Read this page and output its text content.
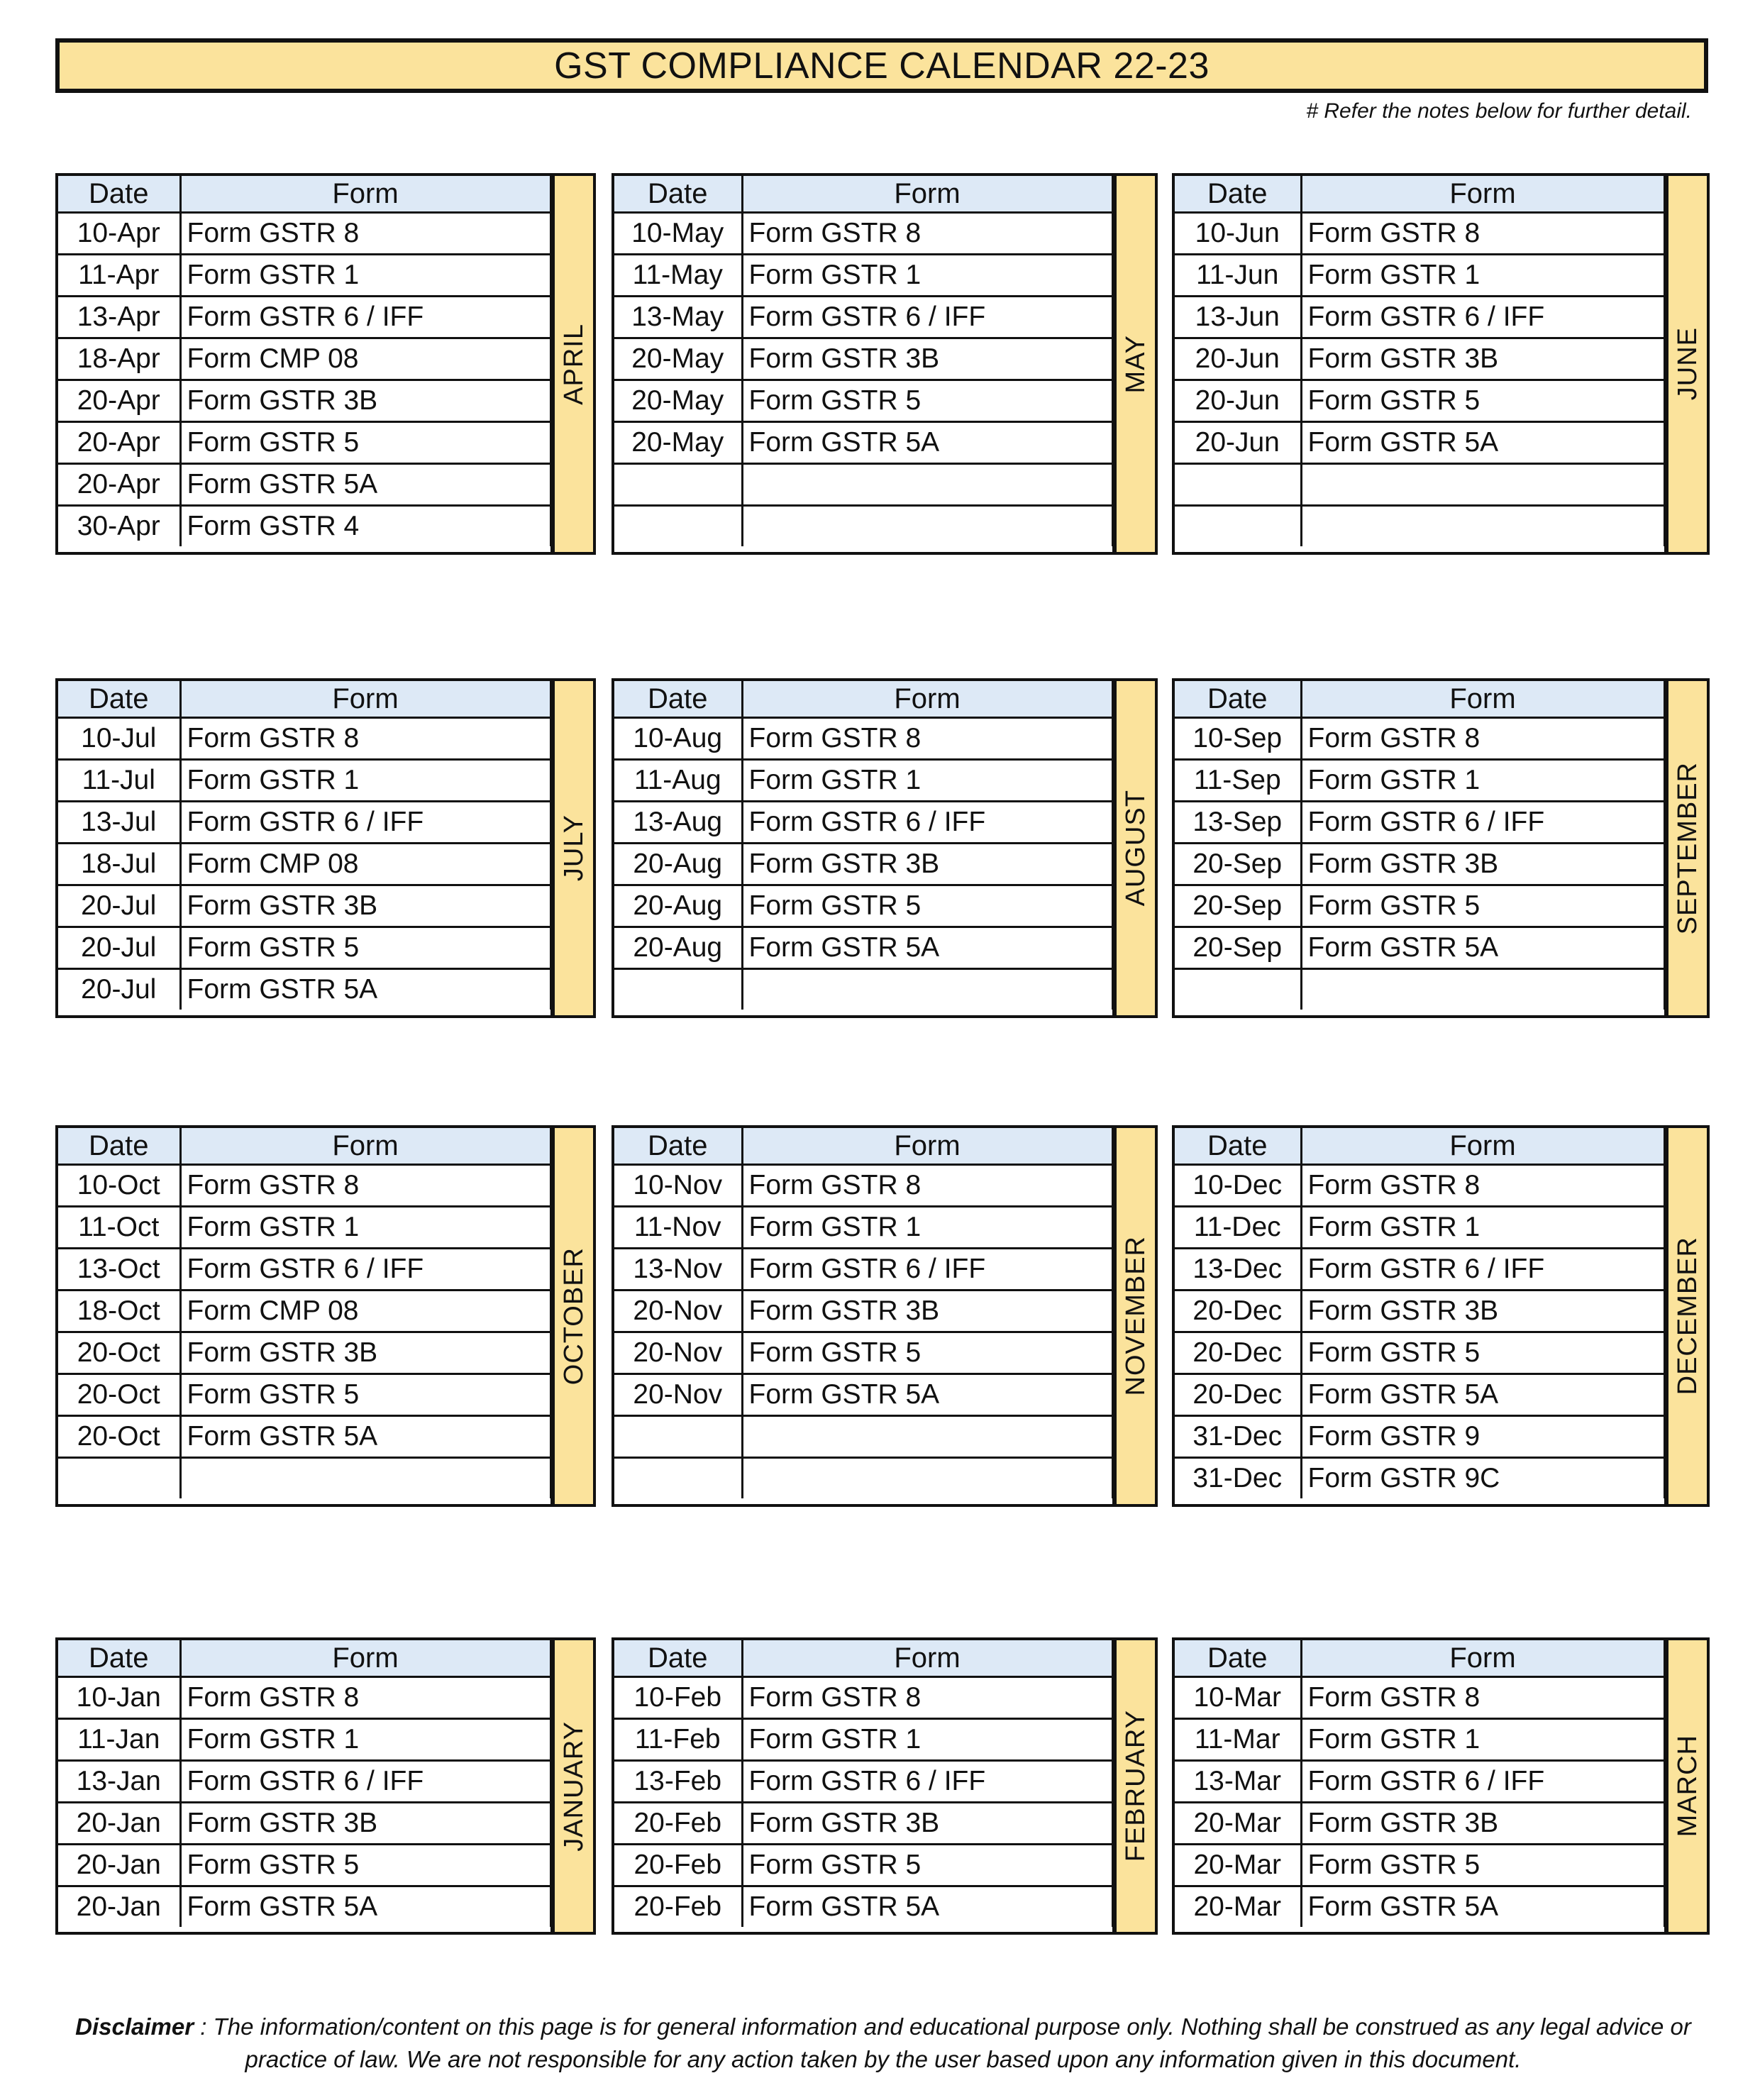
GST COMPLIANCE CALENDAR 22-23
# Refer the notes below for further detail.
Date	Form
10-Apr	Form GSTR 8
11-Apr	Form GSTR 1
13-Apr	Form GSTR 6 / IFF
18-Apr	Form CMP 08
20-Apr	Form GSTR 3B
20-Apr	Form GSTR 5
20-Apr	Form GSTR 5A
30-Apr	Form GSTR 4
APRIL
Date	Form
10-May	Form GSTR 8
11-May	Form GSTR 1
13-May	Form GSTR 6 / IFF
20-May	Form GSTR 3B
20-May	Form GSTR 5
20-May	Form GSTR 5A

MAY
Date	Form
10-Jun	Form GSTR 8
11-Jun	Form GSTR 1
13-Jun	Form GSTR 6 / IFF
20-Jun	Form GSTR 3B
20-Jun	Form GSTR 5
20-Jun	Form GSTR 5A

JUNE
Date	Form
10-Jul	Form GSTR 8
11-Jul	Form GSTR 1
13-Jul	Form GSTR 6 / IFF
18-Jul	Form CMP 08
20-Jul	Form GSTR 3B
20-Jul	Form GSTR 5
20-Jul	Form GSTR 5A
JULY
Date	Form
10-Aug	Form GSTR 8
11-Aug	Form GSTR 1
13-Aug	Form GSTR 6 / IFF
20-Aug	Form GSTR 3B
20-Aug	Form GSTR 5
20-Aug	Form GSTR 5A

AUGUST
Date	Form
10-Sep	Form GSTR 8
11-Sep	Form GSTR 1
13-Sep	Form GSTR 6 / IFF
20-Sep	Form GSTR 3B
20-Sep	Form GSTR 5
20-Sep	Form GSTR 5A

SEPTEMBER
Date	Form
10-Oct	Form GSTR 8
11-Oct	Form GSTR 1
13-Oct	Form GSTR 6 / IFF
18-Oct	Form CMP 08
20-Oct	Form GSTR 3B
20-Oct	Form GSTR 5
20-Oct	Form GSTR 5A

OCTOBER
Date	Form
10-Nov	Form GSTR 8
11-Nov	Form GSTR 1
13-Nov	Form GSTR 6 / IFF
20-Nov	Form GSTR 3B
20-Nov	Form GSTR 5
20-Nov	Form GSTR 5A

		NOVEMBER
Date	Form
10-Dec	Form GSTR 8
11-Dec	Form GSTR 1
13-Dec	Form GSTR 6 / IFF
20-Dec	Form GSTR 3B
20-Dec	Form GSTR 5
20-Dec	Form GSTR 5A
31-Dec	Form GSTR 9
31-Dec	Form GSTR 9C
DECEMBER
Date	Form
10-Jan	Form GSTR 8
11-Jan	Form GSTR 1
13-Jan	Form GSTR 6 / IFF
20-Jan	Form GSTR 3B
20-Jan	Form GSTR 5
20-Jan	Form GSTR 5A
JANUARY
Date	Form
10-Feb	Form GSTR 8
11-Feb	Form GSTR 1
13-Feb	Form GSTR 6 / IFF
20-Feb	Form GSTR 3B
20-Feb	Form GSTR 5
20-Feb	Form GSTR 5A
FEBRUARY
Date	Form
10-Mar	Form GSTR 8
11-Mar	Form GSTR 1
13-Mar	Form GSTR 6 / IFF
20-Mar	Form GSTR 3B
20-Mar	Form GSTR 5
20-Mar	Form GSTR 5A
MARCH
Disclaimer : The information/content on this page is for general information and educational purpose only. Nothing shall be construed as any legal advice or practice of law. We are not responsible for any action taken by the user based upon any information given in this document.
